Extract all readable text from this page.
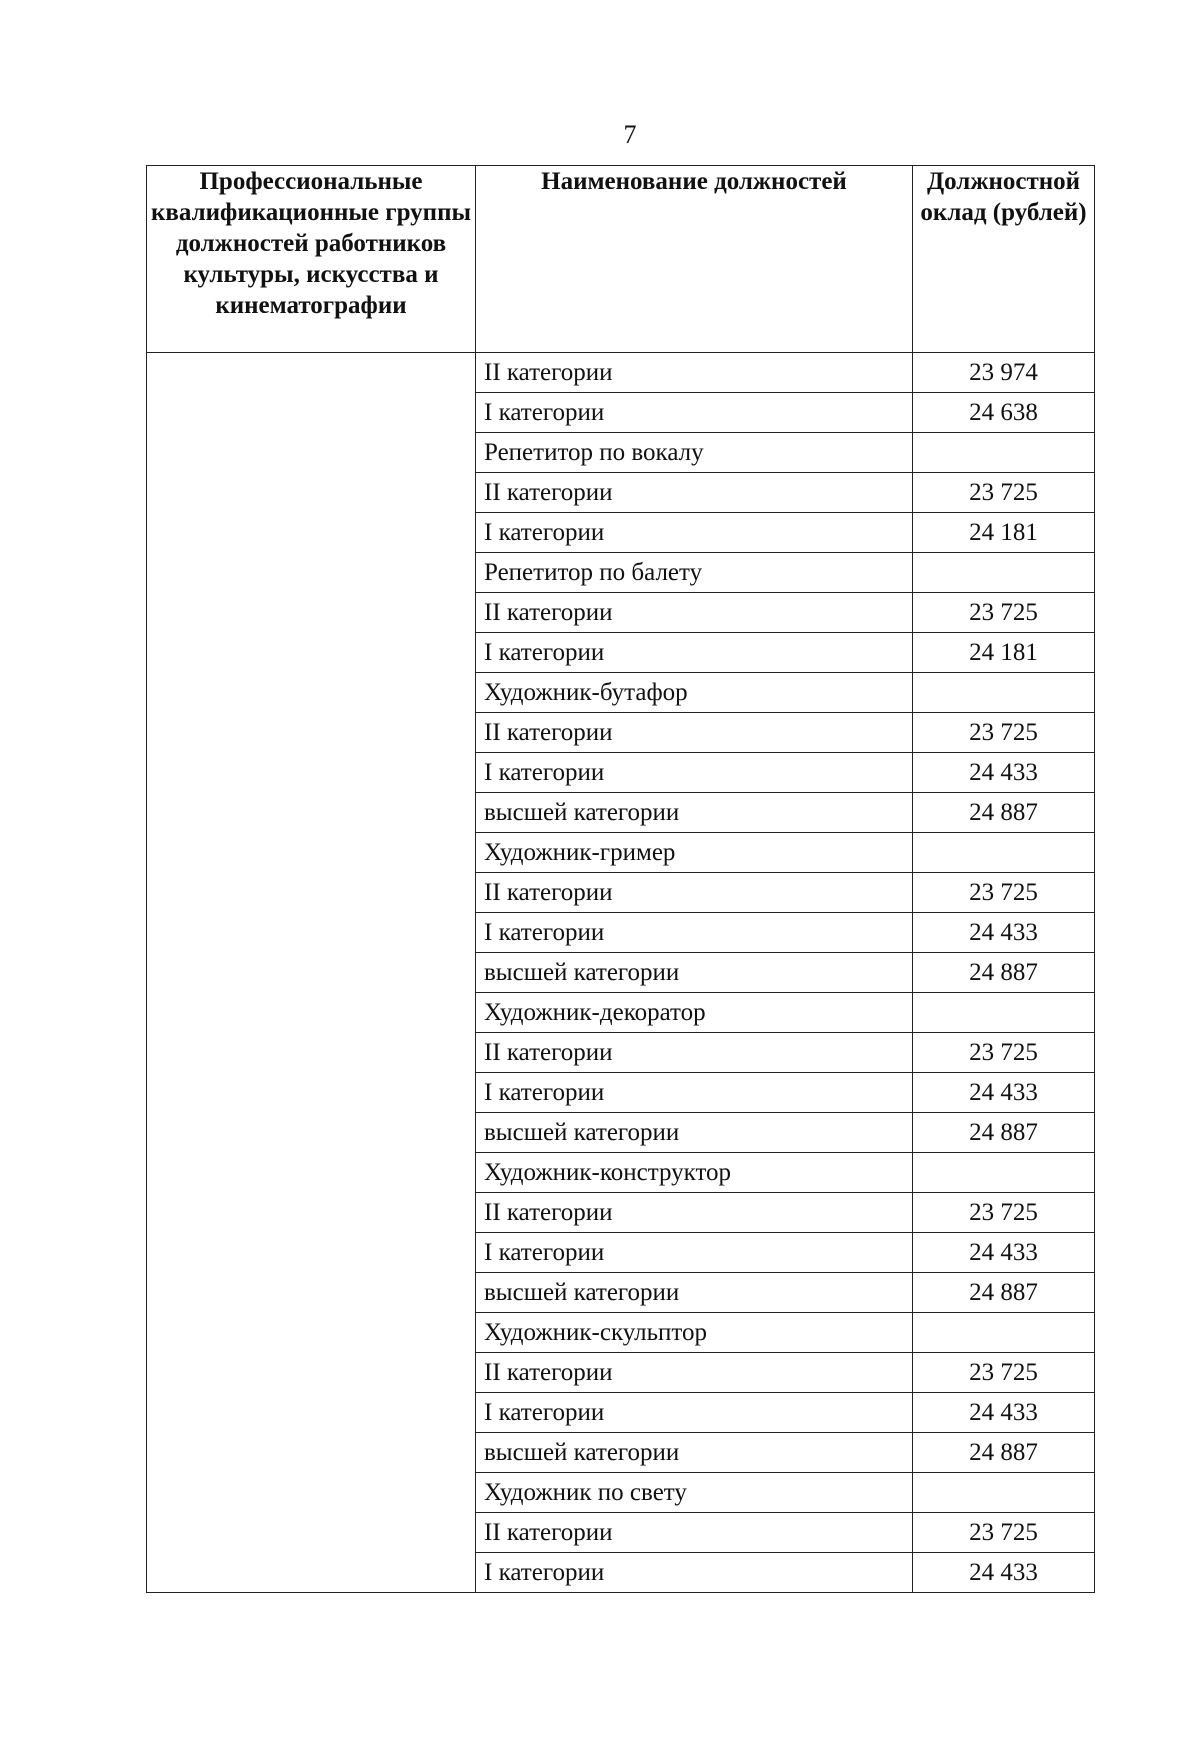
7
Профессиональные квалификационные группы должностей работников культуры, искусства и кинематографии	Наименование должностей	Должностной оклад (рублей)
	II категории	23 974
	I категории	24 638
	Репетитор по вокалу	
	II категории	23 725
	I категории	24 181
	Репетитор по балету	
	II категории	23 725
	I категории	24 181
	Художник-бутафор	
	II категории	23 725
	I категории	24 433
	высшей категории	24 887
	Художник-гример	
	II категории	23 725
	I категории	24 433
	высшей категории	24 887
	Художник-декоратор	
	II категории	23 725
	I категории	24 433
	высшей категории	24 887
	Художник-конструктор	
	II категории	23 725
	I категории	24 433
	высшей категории	24 887
	Художник-скульптор	
	II категории	23 725
	I категории	24 433
	высшей категории	24 887
	Художник по свету	
	II категории	23 725
	I категории	24 433
